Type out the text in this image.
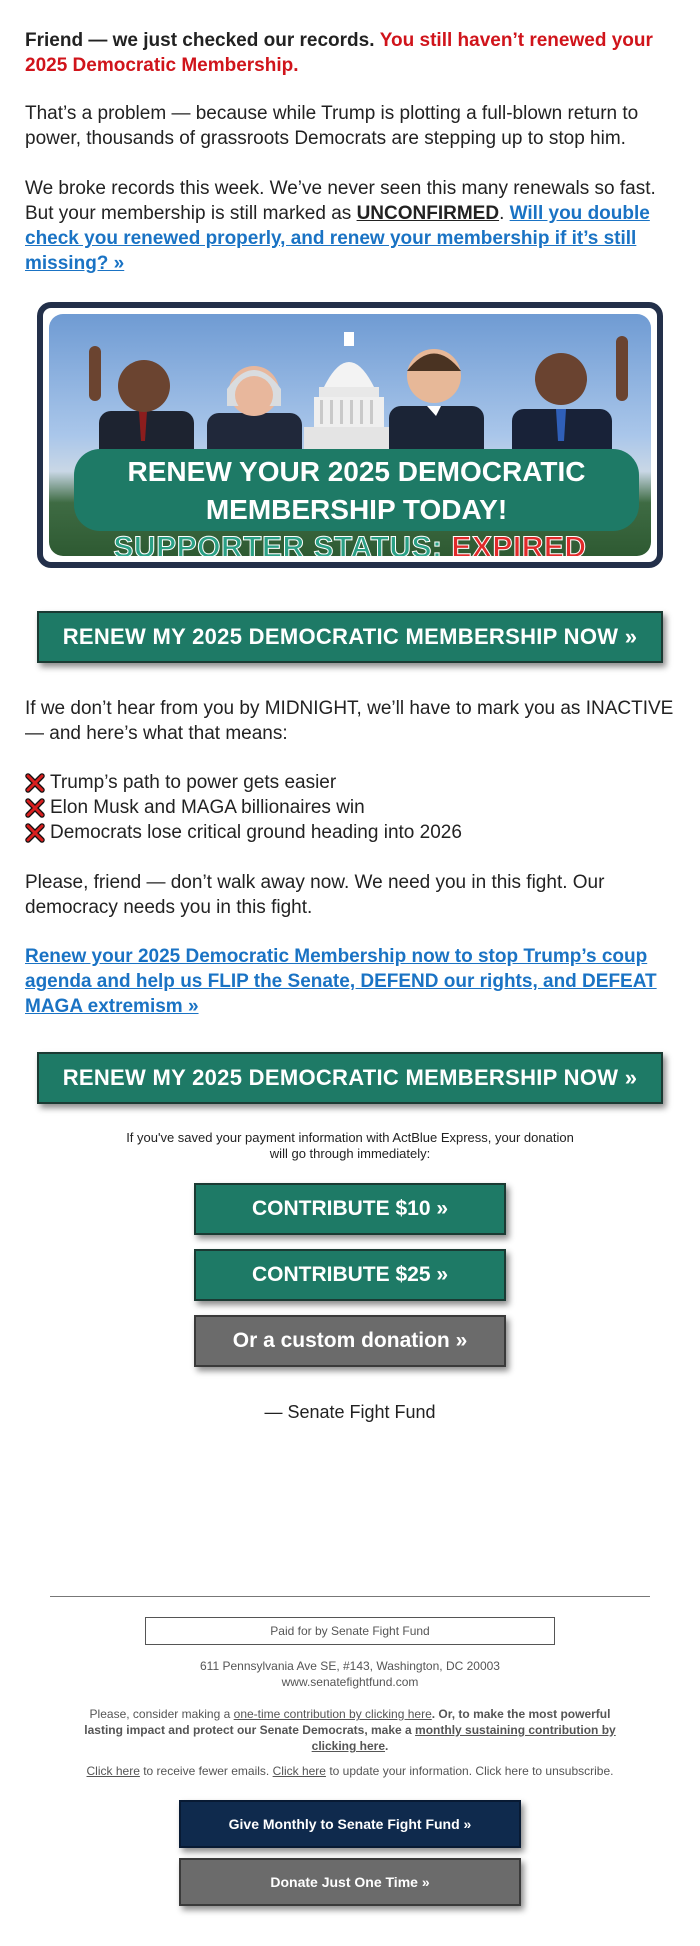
Friend — we just checked our records. You still haven’t renewed your 2025 Democratic Membership.

That’s a problem — because while Trump is plotting a full-blown return to power, thousands of grassroots Democrats are stepping up to stop him.

We broke records this week. We’ve never seen this many renewals so fast. But your membership is still marked as UNCONFIRMED. Will you double check you renewed properly, and renew your membership if it’s still missing? »

RENEW YOUR 2025 DEMOCRATIC MEMBERSHIP TODAY!
SUPPORTER STATUS: EXPIRED
RENEW MY 2025 DEMOCRATIC MEMBERSHIP NOW »

If we don’t hear from you by MIDNIGHT, we’ll have to mark you as INACTIVE — and here’s what that means:

Trump’s path to power gets easier
Elon Musk and MAGA billionaires win
Democrats lose critical ground heading into 2026

Please, friend — don’t walk away now. We need you in this fight. Our democracy needs you in this fight.

Renew your 2025 Democratic Membership now to stop Trump’s coup agenda and help us FLIP the Senate, DEFEND our rights, and DEFEAT MAGA extremism »

RENEW MY 2025 DEMOCRATIC MEMBERSHIP NOW »
If you've saved your payment information with ActBlue Express, your donation
will go through immediately:
CONTRIBUTE $10 »
CONTRIBUTE $25 »
Or a custom donation »

— Senate Fight Fund

Paid for by Senate Fight Fund
611 Pennsylvania Ave SE, #143, Washington, DC 20003
www.senatefightfund.com
Please, consider making a one-time contribution by clicking here. Or, to make the most powerful lasting impact and protect our Senate Democrats, make a monthly sustaining contribution by clicking here.
Click here to receive fewer emails. Click here to update your information. Click here to unsubscribe.
Give Monthly to Senate Fight Fund »
Donate Just One Time »
